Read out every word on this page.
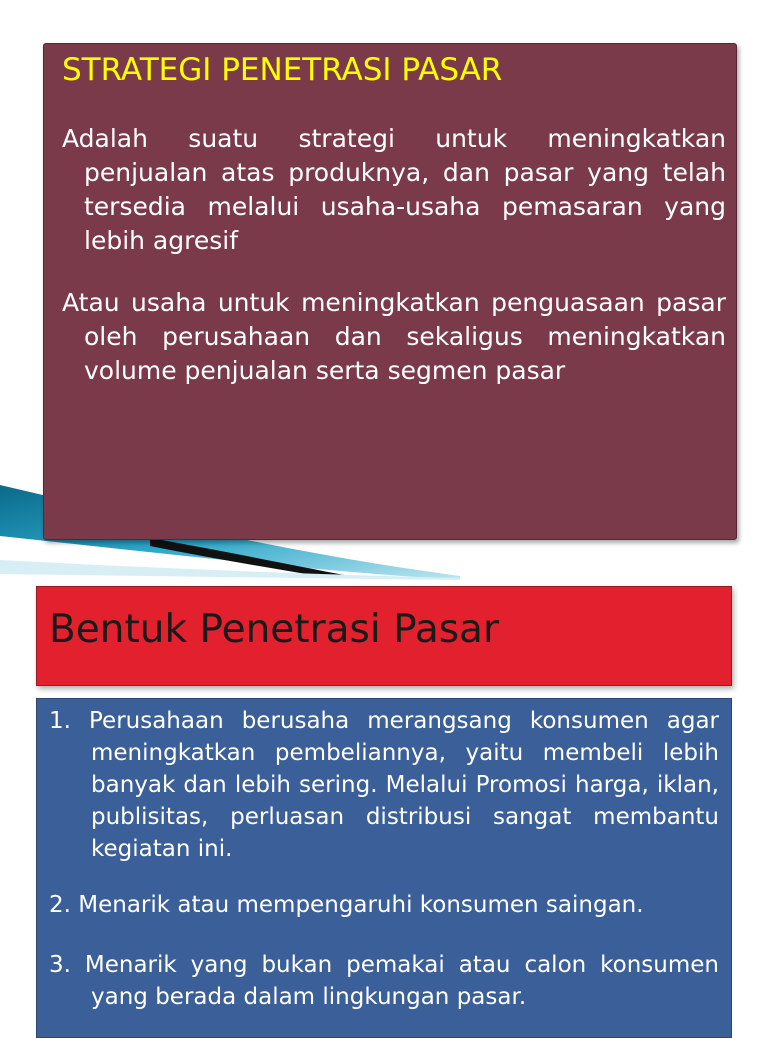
STRATEGI PENETRASI PASAR

Adalah suatu strategi untuk meningkatkan penjualan atas produknya, dan pasar yang telah tersedia melalui usaha-usaha pemasaran yang lebih agresif

Atau usaha untuk meningkatkan penguasaan pasar oleh perusahaan dan sekaligus meningkatkan volume penjualan serta segmen pasar

Bentuk Penetrasi Pasar

1. Perusahaan berusaha merangsang konsumen agar meningkatkan pembeliannya, yaitu membeli lebih banyak dan lebih sering. Melalui Promosi harga, iklan, publisitas, perluasan distribusi sangat membantu kegiatan ini.

2. Menarik atau mempengaruhi konsumen saingan.

3. Menarik yang bukan pemakai atau calon konsumen yang berada dalam lingkungan pasar.
